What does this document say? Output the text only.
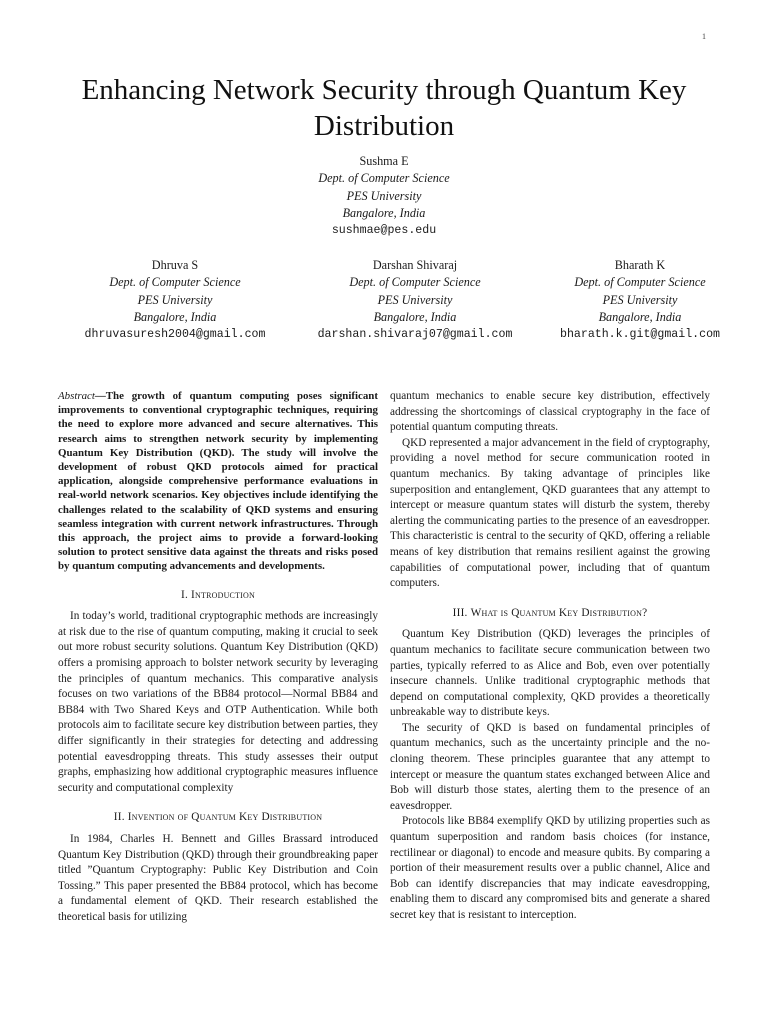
1
Enhancing Network Security through Quantum Key Distribution
Sushma E
Dept. of Computer Science
PES University
Bangalore, India
sushmae@pes.edu
Dhruva S
Dept. of Computer Science
PES University
Bangalore, India
dhruvasuresh2004@gmail.com
Darshan Shivaraj
Dept. of Computer Science
PES University
Bangalore, India
darshan.shivaraj07@gmail.com
Bharath K
Dept. of Computer Science
PES University
Bangalore, India
bharath.k.git@gmail.com
Abstract—The growth of quantum computing poses significant improvements to conventional cryptographic techniques, requiring the need to explore more advanced and secure alternatives. This research aims to strengthen network security by implementing Quantum Key Distribution (QKD). The study will involve the development of robust QKD protocols aimed for practical application, alongside comprehensive performance evaluations in real-world network scenarios. Key objectives include identifying the challenges related to the scalability of QKD systems and ensuring seamless integration with current network infrastructures. Through this approach, the project aims to provide a forward-looking solution to protect sensitive data against the threats and risks posed by quantum computing advancements and developments.
I. Introduction

In today’s world, traditional cryptographic methods are increasingly at risk due to the rise of quantum computing, making it crucial to seek out more robust security solutions. Quantum Key Distribution (QKD) offers a promising approach to bolster network security by leveraging the principles of quantum mechanics. This comparative analysis focuses on two variations of the BB84 protocol—Normal BB84 and BB84 with Two Shared Keys and OTP Authentication. While both protocols aim to facilitate secure key distribution between parties, they differ significantly in their strategies for detecting and addressing potential eavesdropping threats. This study assesses their output graphs, emphasizing how additional cryptographic measures influence security and computational complexity

II. Invention of Quantum Key Distribution

In 1984, Charles H. Bennett and Gilles Brassard introduced Quantum Key Distribution (QKD) through their groundbreaking paper titled ”Quantum Cryptography: Public Key Distribution and Coin Tossing.” This paper presented the BB84 protocol, which has become a fundamental element of QKD. Their research established the theoretical basis for utilizing

quantum mechanics to enable secure key distribution, effectively addressing the shortcomings of classical cryptography in the face of potential quantum computing threats.

QKD represented a major advancement in the field of cryptography, providing a novel method for secure communication rooted in quantum mechanics. By taking advantage of principles like superposition and entanglement, QKD guarantees that any attempt to intercept or measure quantum states will disturb the system, thereby alerting the communicating parties to the presence of an eavesdropper. This characteristic is central to the security of QKD, offering a reliable means of key distribution that remains resilient against the growing capabilities of computational power, including that of quantum computers.

III. What is Quantum Key Distribution?

Quantum Key Distribution (QKD) leverages the principles of quantum mechanics to facilitate secure communication between two parties, typically referred to as Alice and Bob, even over potentially insecure channels. Unlike traditional cryptographic methods that depend on computational complexity, QKD provides a theoretically unbreakable way to distribute keys.

The security of QKD is based on fundamental principles of quantum mechanics, such as the uncertainty principle and the no-cloning theorem. These principles guarantee that any attempt to intercept or measure the quantum states exchanged between Alice and Bob will disturb those states, alerting them to the presence of an eavesdropper.

Protocols like BB84 exemplify QKD by utilizing properties such as quantum superposition and random basis choices (for instance, rectilinear or diagonal) to encode and measure qubits. By comparing a portion of their measurement results over a public channel, Alice and Bob can identify discrepancies that may indicate eavesdropping, enabling them to discard any compromised bits and generate a shared secret key that is resistant to interception.
